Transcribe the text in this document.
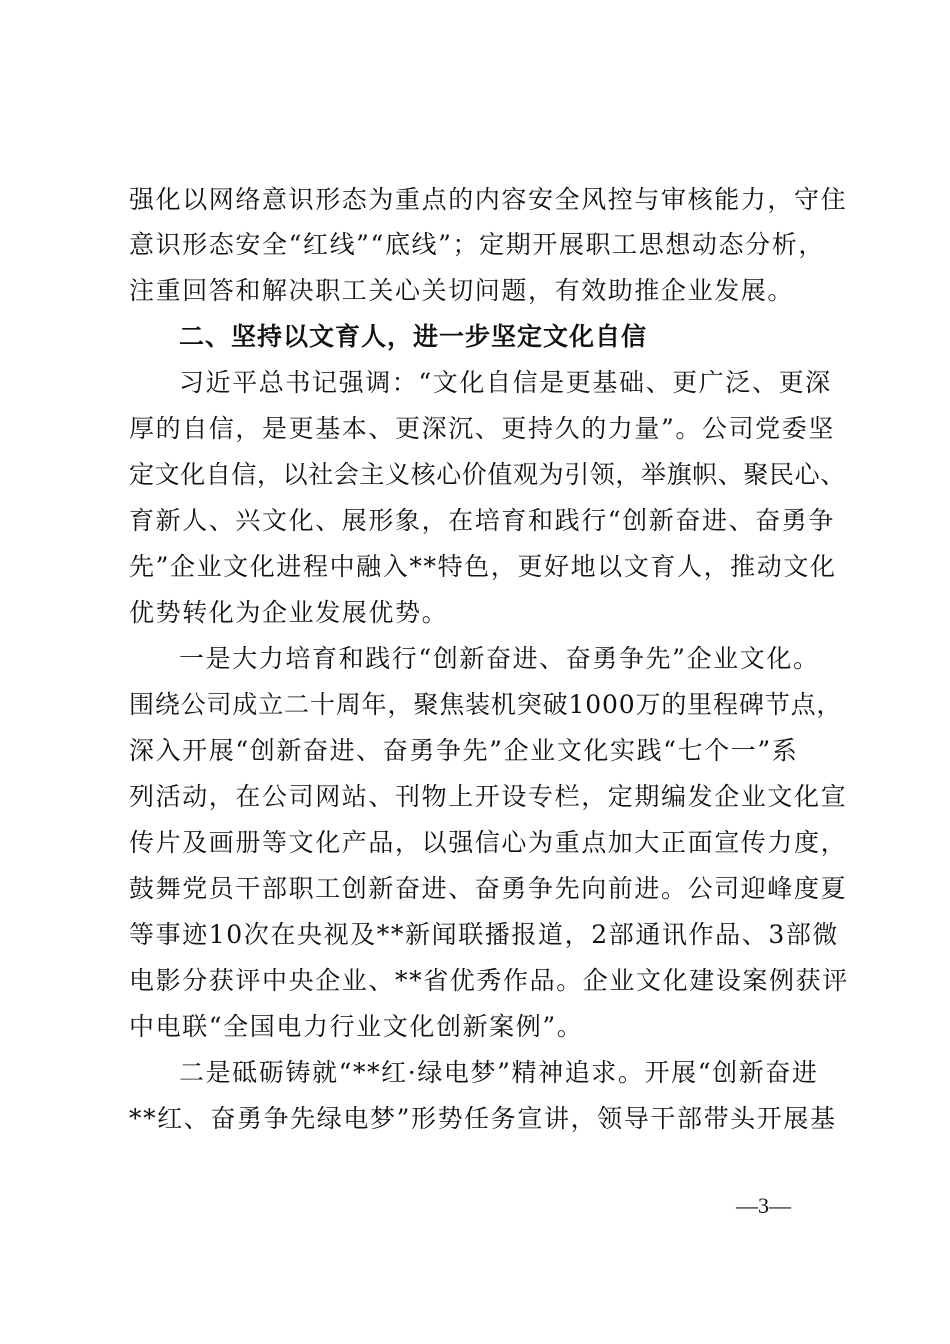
强化以网络意识形态为重点的内容安全风控与审核能力，守住
意识形态安全“红线”“底线”；定期开展职工思想动态分析，
注重回答和解决职工关心关切问题，有效助推企业发展。
二、坚持以文育人，进一步坚定文化自信
习近平总书记强调：“文化自信是更基础、更广泛、更深
厚的自信，是更基本、更深沉、更持久的力量”。公司党委坚
定文化自信，以社会主义核心价值观为引领，举旗帜、聚民心、
育新人、兴文化、展形象，在培育和践行“创新奋进、奋勇争
先”企业文化进程中融入**特色，更好地以文育人，推动文化
优势转化为企业发展优势。
一是大力培育和践行“创新奋进、奋勇争先”企业文化。
围绕公司成立二十周年，聚焦装机突破1000万的里程碑节点，
深入开展“创新奋进、奋勇争先”企业文化实践“七个一”系
列活动，在公司网站、刊物上开设专栏，定期编发企业文化宣
传片及画册等文化产品，以强信心为重点加大正面宣传力度，
鼓舞党员干部职工创新奋进、奋勇争先向前进。公司迎峰度夏
等事迹10次在央视及**新闻联播报道，2部通讯作品、3部微
电影分获评中央企业、**省优秀作品。企业文化建设案例获评
中电联“全国电力行业文化创新案例”。
二是砥砺铸就“**红·绿电梦”精神追求。开展“创新奋进
**红、奋勇争先绿电梦”形势任务宣讲，领导干部带头开展基
—3—
